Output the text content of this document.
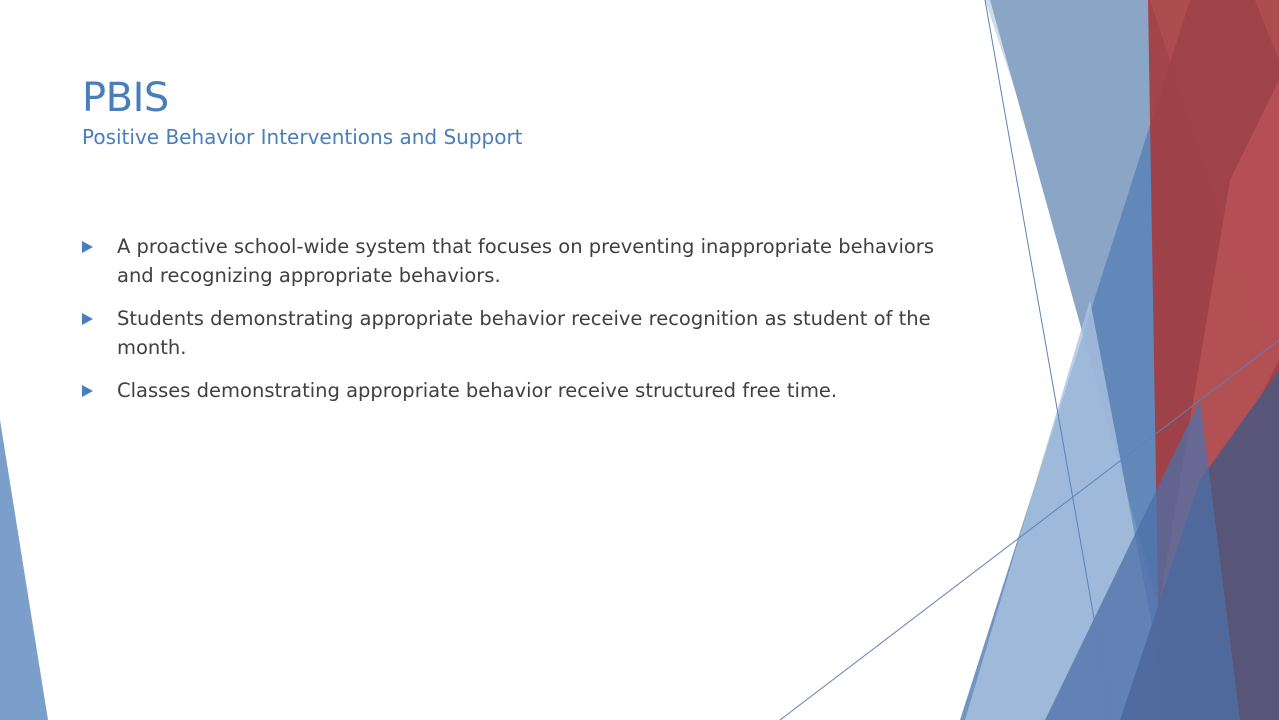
PBIS
Positive Behavior Interventions and Support
A proactive school-wide system that focuses on preventing inappropriate behaviors and recognizing appropriate behaviors.
Students demonstrating appropriate behavior receive recognition as student of the month.
Classes demonstrating appropriate behavior receive structured free time.
